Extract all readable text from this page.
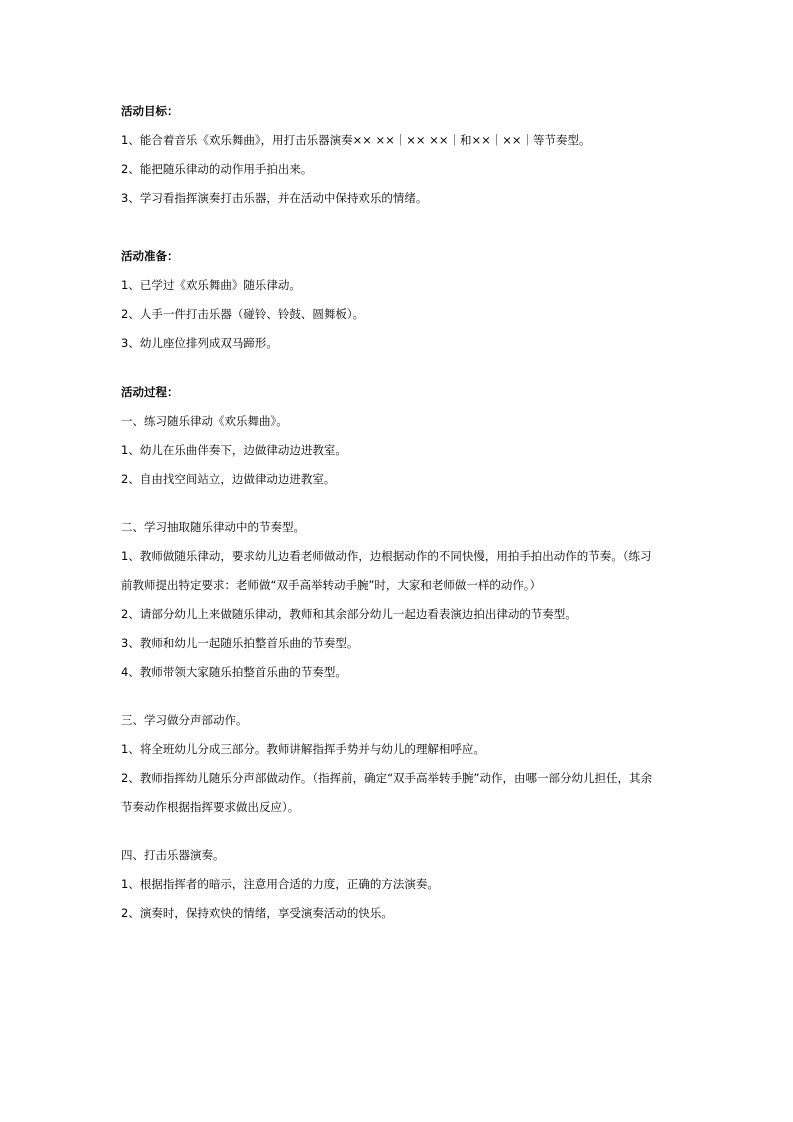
活动目标：
1、能合着音乐《欢乐舞曲》，用打击乐器演奏×× ××｜×× ××｜和××｜××｜等节奏型。
2、能把随乐律动的动作用手拍出来。
3、学习看指挥演奏打击乐器，并在活动中保持欢乐的情绪。
活动准备：
1、已学过《欢乐舞曲》随乐律动。
2、人手一件打击乐器（碰铃、铃鼓、圆舞板）。
3、幼儿座位排列成双马蹄形。
活动过程：
一、练习随乐律动《欢乐舞曲》。
1、幼儿在乐曲伴奏下，边做律动边进教室。
2、自由找空间站立，边做律动边进教室。
二、学习抽取随乐律动中的节奏型。
1、教师做随乐律动，要求幼儿边看老师做动作，边根据动作的不同快慢，用拍手拍出动作的节奏。（练习
前教师提出特定要求：老师做“双手高举转动手腕”时，大家和老师做一样的动作。）
2、请部分幼儿上来做随乐律动，教师和其余部分幼儿一起边看表演边拍出律动的节奏型。
3、教师和幼儿一起随乐拍整首乐曲的节奏型。
4、教师带领大家随乐拍整首乐曲的节奏型。
三、学习做分声部动作。
1、将全班幼儿分成三部分。教师讲解指挥手势并与幼儿的理解相呼应。
2、教师指挥幼儿随乐分声部做动作。（指挥前，确定“双手高举转手腕”动作，由哪一部分幼儿担任，其余
节奏动作根据指挥要求做出反应）。
四、打击乐器演奏。
1、根据指挥者的暗示，注意用合适的力度，正确的方法演奏。
2、演奏时，保持欢快的情绪，享受演奏活动的快乐。
